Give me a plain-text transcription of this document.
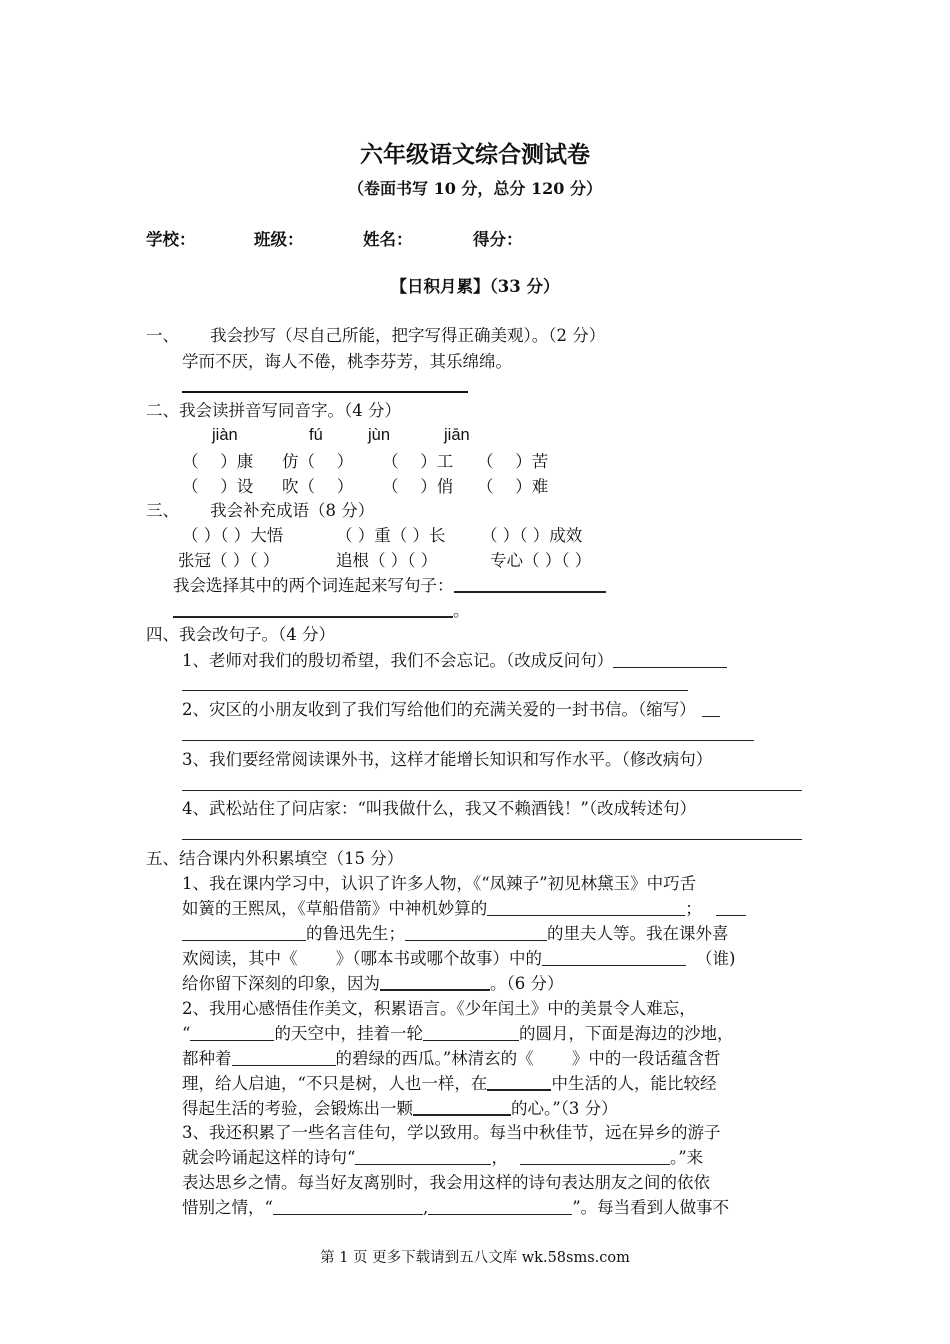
六年级语文综合测试卷
（卷面书写 10 分，总分 120 分）
学校：	班级：	姓名：	得分：
【日积月累】（33 分）
一、 我会抄写（尽自己所能，把字写得正确美观）。（2 分）
学而不厌，诲人不倦，桃李芬芳，其乐绵绵。
二、我会读拼音写同音字。（4 分）
jiàn	fú	jùn	jiān
（　 ）康 仿（　 ） （　 ）工 （　 ）苦
（　 ）设 吹（　 ） （　 ）俏 （　 ）难
三、 我会补充成语（8 分）
（ ）（ ）大悟	（ ）重（ ）长 （ ）（ ）成效
张冠（ ）（ ）	追根（ ）（ ）	专心（ ）（ ）
我会选择其中的两个词连起来写句子：
。
四、我会改句子。（4 分）
1、老师对我们的殷切希望，我们不会忘记。（改成反问句）
2、灾区的小朋友收到了我们写给他们的充满关爱的一封书信。（缩写）
3、我们要经常阅读课外书，这样才能增长知识和写作水平。（修改病句）
4、武松站住了问店家：“叫我做什么，我又不赖酒钱！”（改成转述句）
五、结合课内外积累填空（15 分）
1、我在课内学习中，认识了许多人物，《“凤辣子”初见林黛玉》中巧舌
如簧的王熙凤，《草船借箭》中神机妙算的	；
的鲁迅先生；	的里夫人等。我在课外喜
欢阅读，其中《　　 》（哪本书或哪个故事）中的	（谁)
给你留下深刻的印象，因为	。（6 分）
2、我用心感悟佳作美文，积累语言。《少年闰土》中的美景令人难忘，
“	的天空中，挂着一轮	的圆月，下面是海边的沙地，
都种着	的碧绿的西瓜。”林清玄的《　　 》中的一段话蕴含哲
理，给人启迪，“不只是树，人也一样，在	中生活的人，能比较经
得起生活的考验，会锻炼出一颗	的心。”（3 分）
3、我还积累了一些名言佳句，学以致用。每当中秋佳节，远在异乡的游子
就会吟诵起这样的诗句“	，	。”来
表达思乡之情。每当好友离别时，我会用这样的诗句表达朋友之间的依依
惜别之情，“	,	”。每当看到人做事不
第 1 页 更多下载请到五八文库 wk.58sms.com
